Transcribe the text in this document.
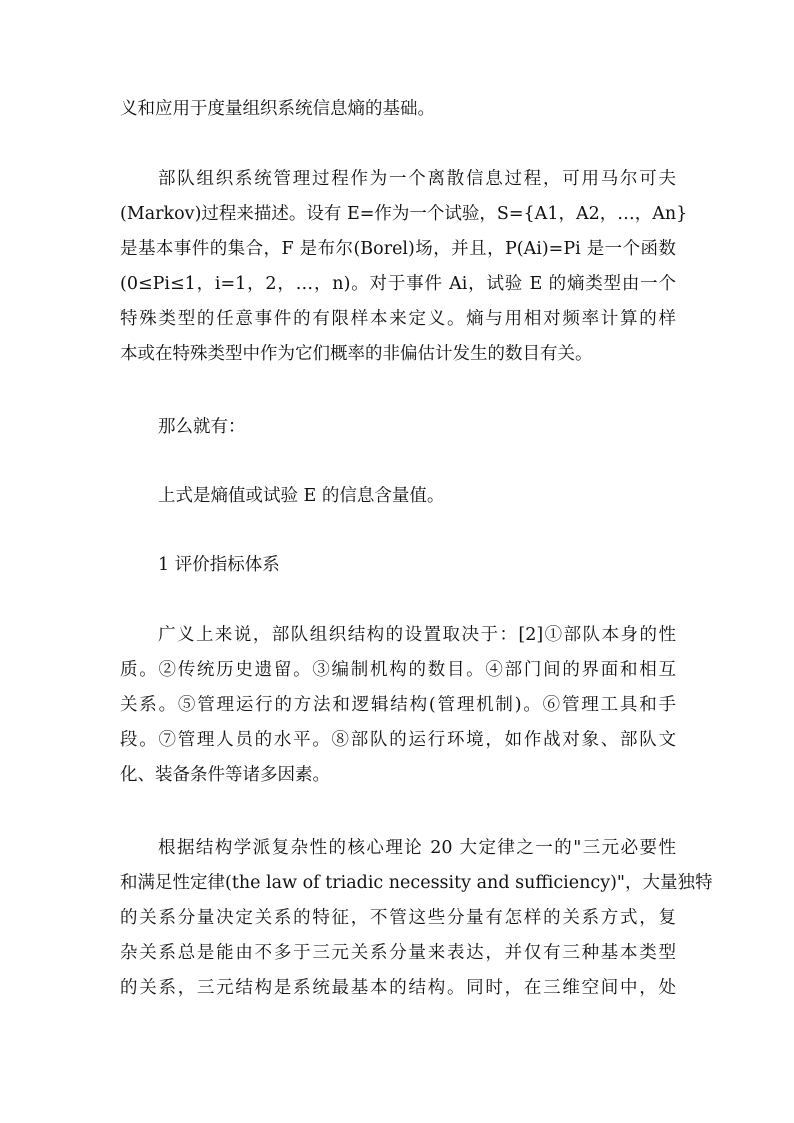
义和应用于度量组织系统信息熵的基础。
部队组织系统管理过程作为一个离散信息过程，可用马尔可夫
(Markov)过程来描述。设有 E=作为一个试验，S={A1，A2，…，An}
是基本事件的集合，F 是布尔(Borel)场，并且，P(Ai)=Pi 是一个函数
(0≤Pi≤1，i=1，2，…，n)。对于事件 Ai，试验 E 的熵类型由一个
特殊类型的任意事件的有限样本来定义。熵与用相对频率计算的样
本或在特殊类型中作为它们概率的非偏估计发生的数目有关。
那么就有：
上式是熵值或试验 E 的信息含量值。
1 评价指标体系
广义上来说，部队组织结构的设置取决于：[2]①部队本身的性
质。②传统历史遗留。③编制机构的数目。④部门间的界面和相互
关系。⑤管理运行的方法和逻辑结构(管理机制)。⑥管理工具和手
段。⑦管理人员的水平。⑧部队的运行环境，如作战对象、部队文
化、装备条件等诸多因素。
根据结构学派复杂性的核心理论 20 大定律之一的"三元必要性
和满足性定律(the law of triadic necessity and sufficiency)"，大量独特
的关系分量决定关系的特征，不管这些分量有怎样的关系方式，复
杂关系总是能由不多于三元关系分量来表达，并仅有三种基本类型
的关系，三元结构是系统最基本的结构。同时，在三维空间中，处
